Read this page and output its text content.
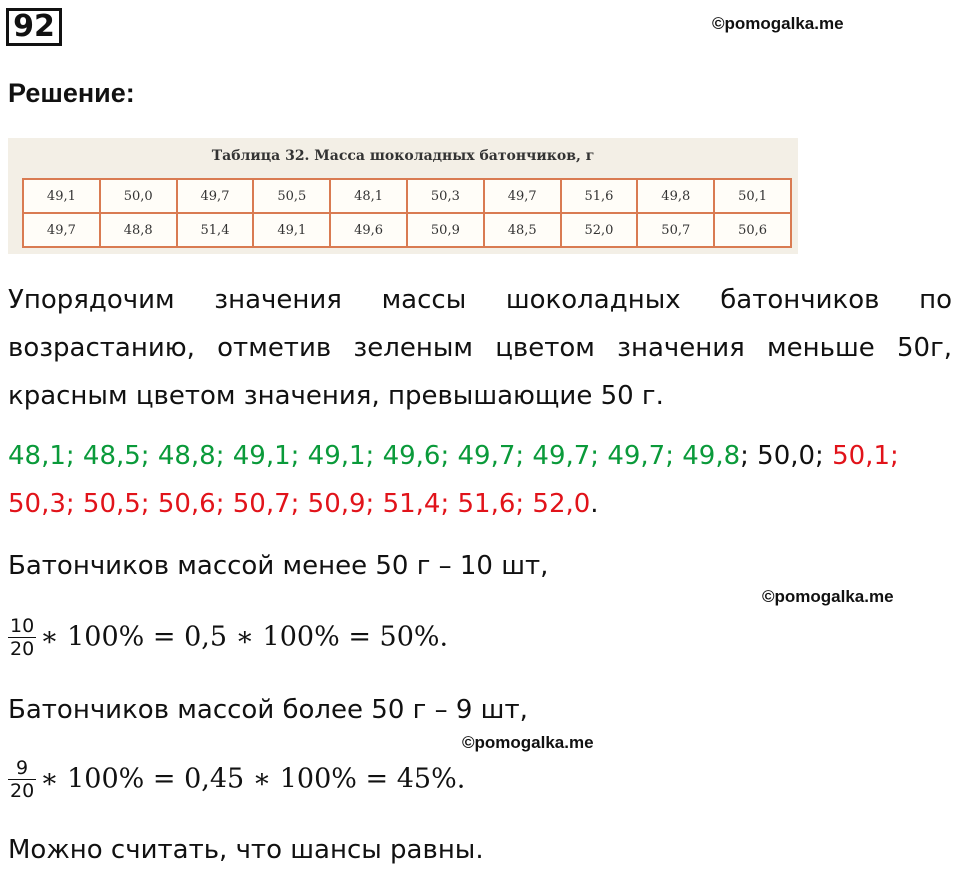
92	©pomogalka.me
Решение:
Таблица 32. Масса шоколадных батончиков, г
49,1	50,0	49,7	50,5	48,1	50,3	49,7	51,6	49,8	50,1
49,7	48,8	51,4	49,1	49,6	50,9	48,5	52,0	50,7	50,6

Упорядочим значения массы шоколадных батончиков по возрастанию, отметив зеленым цветом значения меньше 50г, красным цветом значения, превышающие 50 г.

48,1; 48,5; 48,8; 49,1; 49,1; 49,6; 49,7; 49,7; 49,7; 49,8; 50,0; 50,1; 50,3; 50,5; 50,6; 50,7; 50,9; 51,4; 51,6; 52,0.

Батончиков массой менее 50 г – 10 шт,

©pomogalka.me
$\frac{10}{20}$ ∗ 100% = 0,5 ∗ 100% = 50%.

Батончиков массой более 50 г – 9 шт,

©pomogalka.me
$\frac{9}{20}$ ∗ 100% = 0,45 ∗ 100% = 45%.

Можно считать, что шансы равны.
